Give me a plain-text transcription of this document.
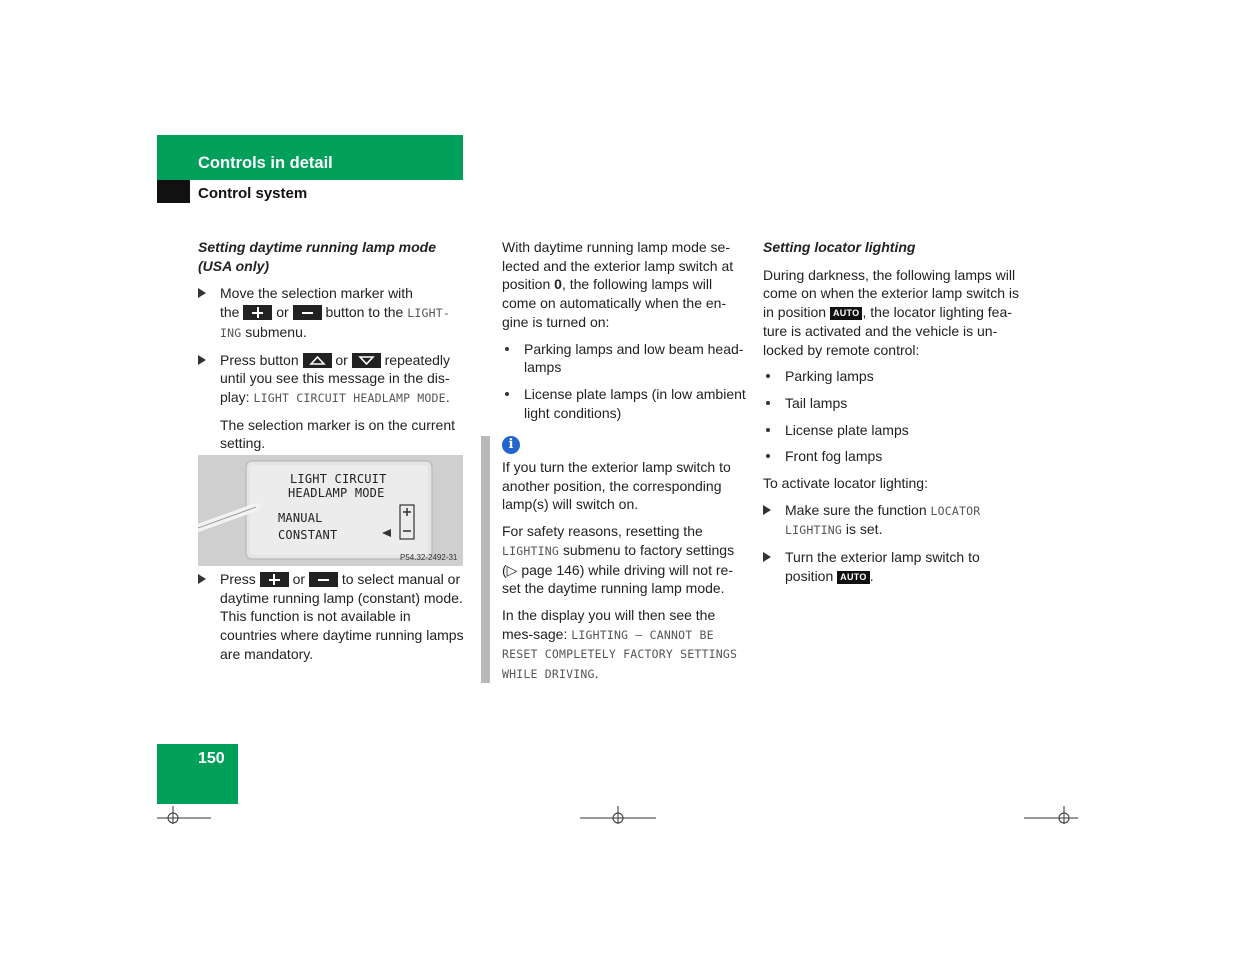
Controls in detail
Control system
Setting daytime running lamp mode (USA only)
Move the selection marker with
the	or	button to the LIGHT-
ING submenu.
Press button	or	repeatedly
until you see this message in the dis-
play: LIGHT CIRCUIT HEADLAMP MODE.

The selection marker is on the current setting.

LIGHT CIRCUIT
HEADLAMP MODE
MANUAL
CONSTANT
P54.32-2492-31
Press	or	to select manual or daytime running lamp (constant) mode. This function is not available in countries where daytime running lamps are mandatory.

With daytime running lamp mode se-lected and the exterior lamp switch at position 0, the following lamps will come on automatically when the en-gine is turned on:

Parking lamps and low beam head-lamps
License plate lamps (in low ambient light conditions)
i

If you turn the exterior lamp switch to another position, the corresponding lamp(s) will switch on.

For safety reasons, resetting the LIGHTING submenu to factory settings (▷ page 146) while driving will not re-set the daytime running lamp mode.

In the display you will then see the mes-sage: LIGHTING – CANNOT BE RESET COMPLETELY FACTORY SETTINGS WHILE DRIVING.

Setting locator lighting

During darkness, the following lamps will come on when the exterior lamp switch is in position AUTO , the locator lighting fea-ture is activated and the vehicle is un-locked by remote control:

Parking lamps
Tail lamps
License plate lamps
Front fog lamps

To activate locator lighting:

Make sure the function LOCATOR LIGHTING is set.
Turn the exterior lamp switch to position AUTO .
150
